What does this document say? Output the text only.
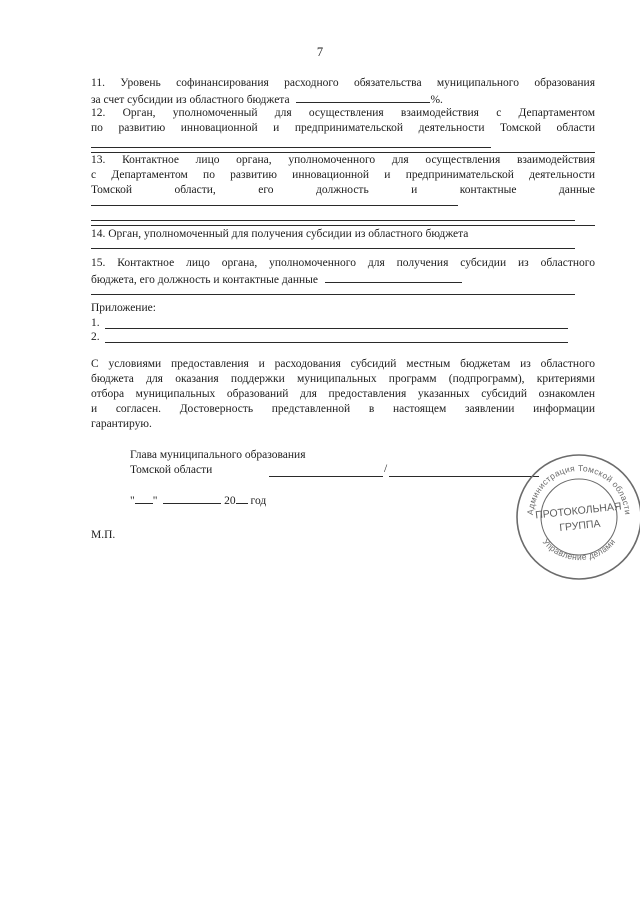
7
11. Уровень софинансирования расходного обязательства муниципального образования
за счет субсидии из областного бюджета	%.
12. Орган, уполномоченный для осуществления взаимодействия с Департаментом
по развитию инновационной и предпринимательской деятельности Томской области
13. Контактное лицо органа, уполномоченного для осуществления взаимодействия
с Департаментом по развитию инновационной и предпринимательской деятельности
Томской области, его должность и контактные данные
14. Орган, уполномоченный для получения субсидии из областного бюджета
15. Контактное лицо органа, уполномоченного для получения субсидии из областного
бюджета, его должность и контактные данные
Приложение:
1.
2.
С условиями предоставления и расходования субсидий местным бюджетам из областного
бюджета для оказания поддержки муниципальных программ (подпрограмм), критериями
отбора муниципальных образований для предоставления указанных субсидий ознакомлен
и согласен. Достоверность представленной в настоящем заявлении информации
гарантирую.
Глава муниципального образования
Томской области	/
" "	20 год
М.П.
Администрация Томской области
Управление делами
ПРОТОКОЛЬНАЯ
ГРУППА
